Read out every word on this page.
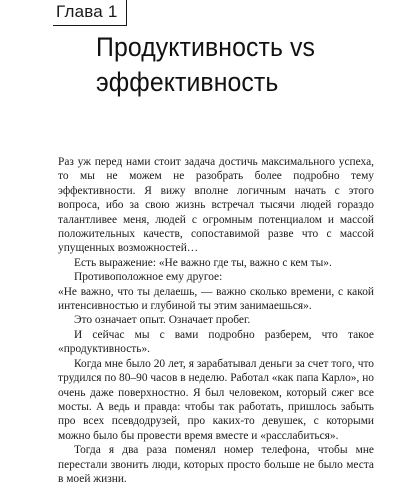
Глава 1
Продуктивность vs
эффективность

Раз уж перед нами стоит задача достичь максимального успеха, то мы не можем не разобрать более подробно тему эффективности. Я вижу вполне логичным начать с этого вопроса, ибо за свою жизнь встречал тысячи людей гораздо талантливее меня, людей с огромным потенциалом и массой положительных качеств, сопоставимой разве что с массой упущенных возможностей…

Есть выражение: «Не важно где ты, важно с кем ты».

Противоположное ему другое:

«Не важно, что ты делаешь, — важно сколько времени, с какой интенсивностью и глубиной ты этим занимаешься».

Это означает опыт. Означает пробег.

И сейчас мы с вами подробно разберем, что такое «продуктивность».

Когда мне было 20 лет, я зарабатывал деньги за счет того, что трудился по 80–90 часов в неделю. Работал «как папа Карло», но очень даже поверхностно. Я был человеком, который сжег все мосты. А ведь и правда: чтобы так работать, пришлось забыть про всех псевдодрузей, про каких-то девушек, с которыми можно было бы провести время вместе и «расслабиться».

Тогда я два раза поменял номер телефона, чтобы мне перестали звонить люди, которых просто больше не было места в моей жизни.
